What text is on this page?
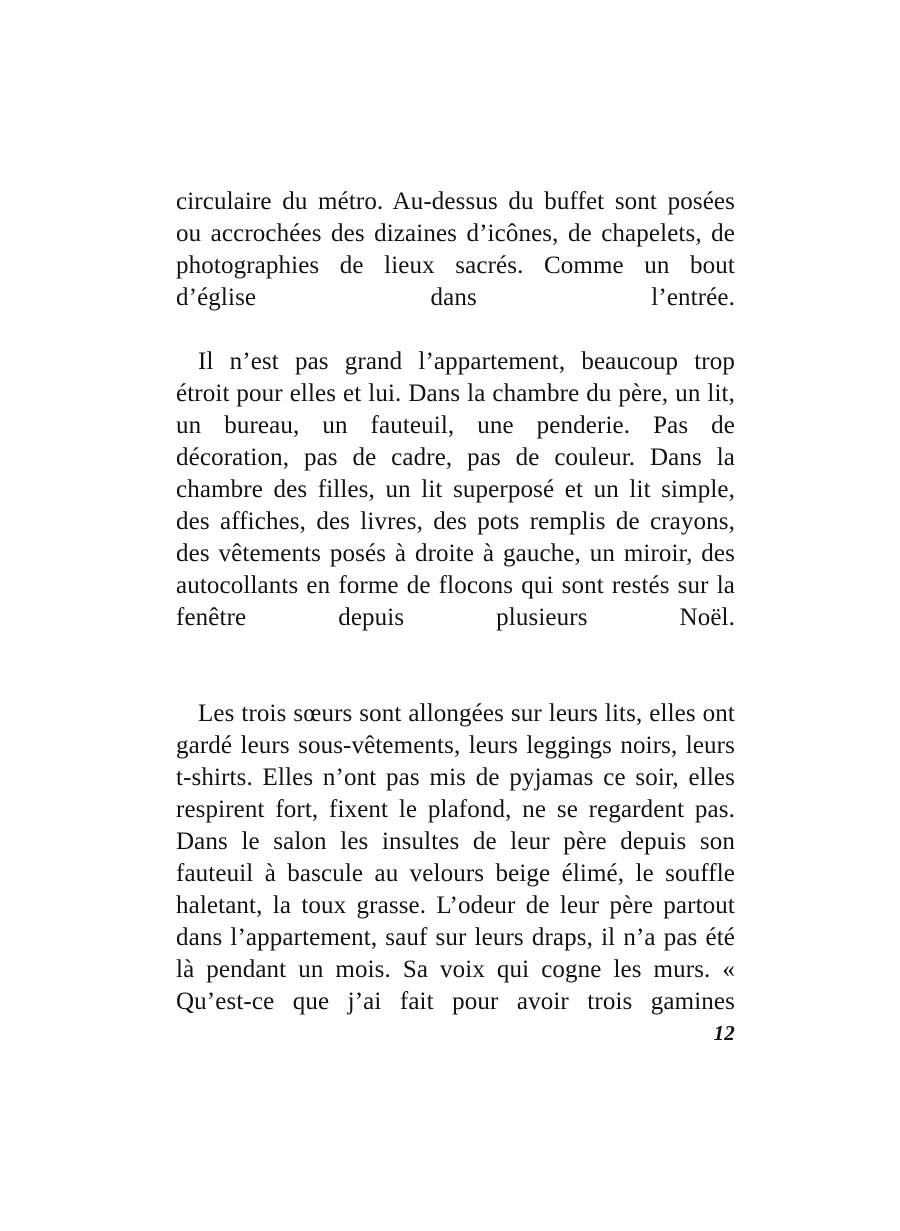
circulaire du métro. Au-dessus du buffet sont posées ou accrochées des dizaines d’icônes, de chapelets, de photographies de lieux sacrés. Comme un bout d’église dans l’entrée.

Il n’est pas grand l’appartement, beaucoup trop étroit pour elles et lui. Dans la chambre du père, un lit, un bureau, un fauteuil, une penderie. Pas de décoration, pas de cadre, pas de couleur. Dans la chambre des filles, un lit superposé et un lit simple, des affiches, des livres, des pots remplis de crayons, des vêtements posés à droite à gauche, un miroir, des autocollants en forme de flocons qui sont restés sur la fenêtre depuis plusieurs Noël.

Les trois sœurs sont allongées sur leurs lits, elles ont gardé leurs sous-vêtements, leurs leggings noirs, leurs t-shirts. Elles n’ont pas mis de pyjamas ce soir, elles respirent fort, fixent le plafond, ne se regardent pas. Dans le salon les insultes de leur père depuis son fauteuil à bascule au velours beige élimé, le souffle haletant, la toux grasse. L’odeur de leur père partout dans l’appartement, sauf sur leurs draps, il n’a pas été là pendant un mois. Sa voix qui cogne les murs. « Qu’est-ce que j’ai fait pour avoir trois gamines

12
